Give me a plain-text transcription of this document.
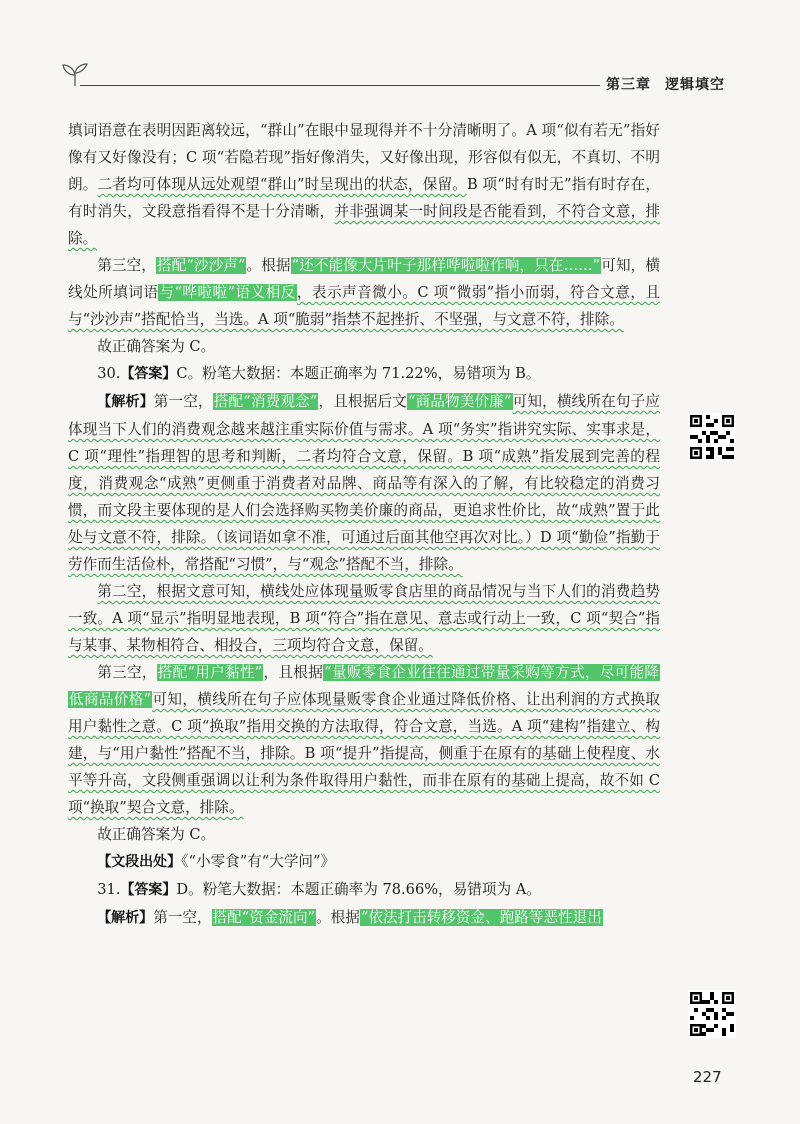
第三章 逻辑填空

填词语意在表明因距离较远，“群山”在眼中显现得并不十分清晰明了。A 项“似有若无”指好像有又好像没有；C 项“若隐若现”指好像消失，又好像出现，形容似有似无，不真切、不明朗。二者均可体现从远处观望“群山”时呈现出的状态，保留。B 项“时有时无”指有时存在，有时消失，文段意指看得不是十分清晰，并非强调某一时间段是否能看到，不符合文意，排除。

第三空，搭配“沙沙声”。根据“还不能像大片叶子那样哗啦啦作响，只在……”可知，横线处所填词语与“哗啦啦”语义相反，表示声音微小。C 项“微弱”指小而弱，符合文意，且与“沙沙声”搭配恰当，当选。A 项“脆弱”指禁不起挫折、不坚强，与文意不符，排除。

故正确答案为 C。

30.【答案】C。粉笔大数据：本题正确率为 71.22%，易错项为 B。

【解析】第一空，搭配“消费观念”，且根据后文“商品物美价廉”可知，横线所在句子应体现当下人们的消费观念越来越注重实际价值与需求。A 项“务实”指讲究实际、实事求是，C 项“理性”指理智的思考和判断，二者均符合文意，保留。B 项“成熟”指发展到完善的程度，消费观念“成熟”更侧重于消费者对品牌、商品等有深入的了解，有比较稳定的消费习惯，而文段主要体现的是人们会选择购买物美价廉的商品，更追求性价比，故“成熟”置于此处与文意不符，排除。（该词语如拿不准，可通过后面其他空再次对比。）D 项“勤俭”指勤于劳作而生活俭朴，常搭配“习惯”，与“观念”搭配不当，排除。

第二空，根据文意可知，横线处应体现量贩零食店里的商品情况与当下人们的消费趋势一致。A 项“显示”指明显地表现，B 项“符合”指在意见、意志或行动上一致，C 项“契合”指与某事、某物相符合、相投合，三项均符合文意，保留。

第三空，搭配“用户黏性”，且根据“量贩零食企业往往通过带量采购等方式，尽可能降低商品价格”可知，横线所在句子应体现量贩零食企业通过降低价格、让出利润的方式换取用户黏性之意。C 项“换取”指用交换的方法取得，符合文意，当选。A 项“建构”指建立、构建，与“用户黏性”搭配不当，排除。B 项“提升”指提高，侧重于在原有的基础上使程度、水平等升高，文段侧重强调以让利为条件取得用户黏性，而非在原有的基础上提高，故不如 C 项“换取”契合文意，排除。

故正确答案为 C。

【文段出处】《“小零食”有“大学问”》

31.【答案】D。粉笔大数据：本题正确率为 78.66%，易错项为 A。

【解析】第一空，搭配“资金流向”。根据“依法打击转移资金、跑路等恶性退出

227
